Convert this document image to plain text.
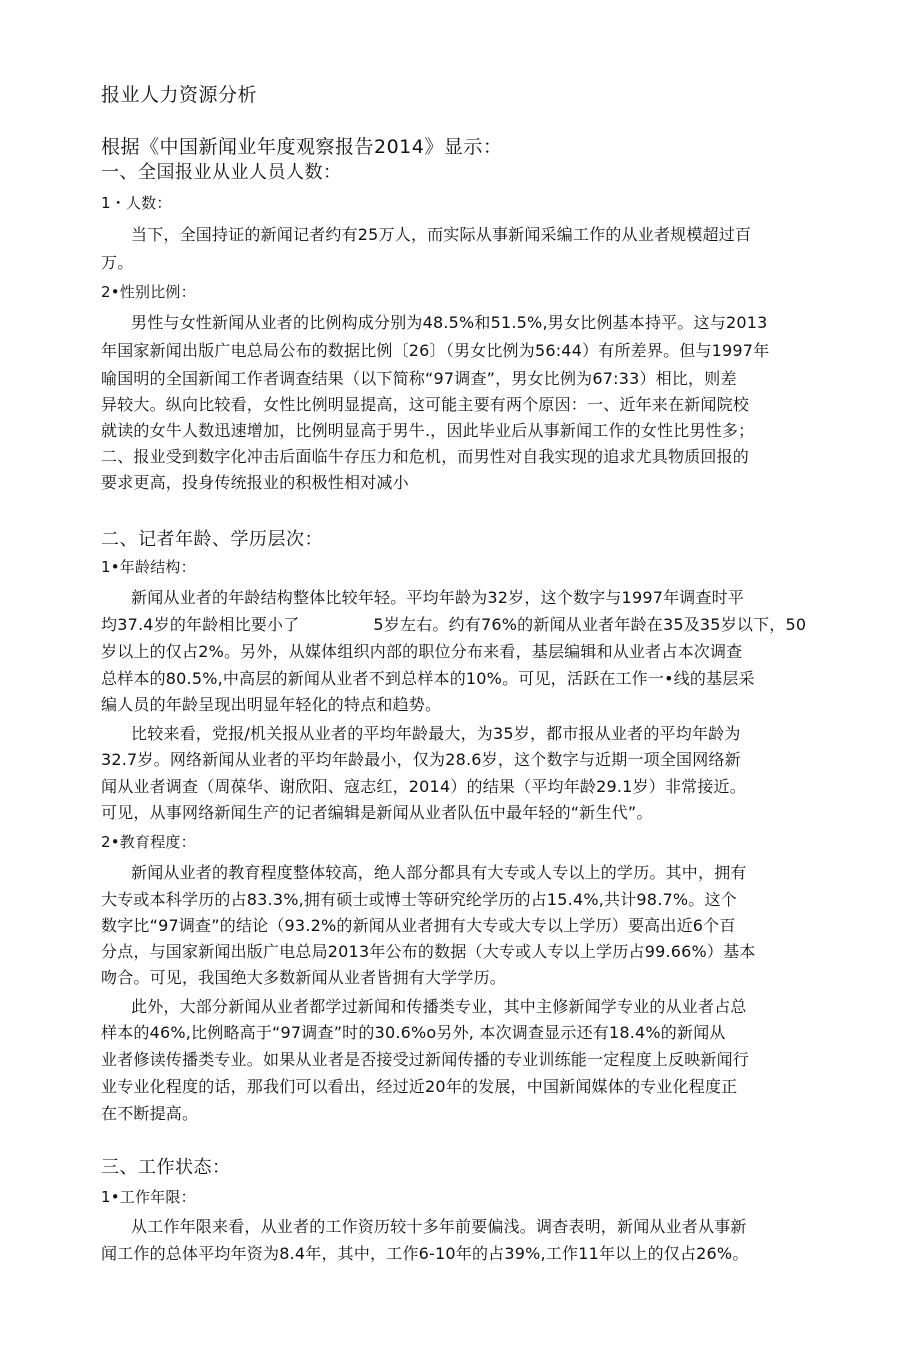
报业人力资源分析
根据《中国新闻业年度观察报告2014》显示：
一、全国报业从业人员人数：
1・人数：
当下，全国持证的新闻记者约有25万人，而实际从事新闻采编工作的从业者规模超过百
万。
2•性别比例：
男性与女性新闻从业者的比例构成分别为48.5%和51.5%,男女比例基本持平。这与2013
年国家新闻出版广电总局公布的数据比例〔26〕（男女比例为56:44）有所差界。但与1997年
喻国明的全国新闻工作者调查结果（以下简称“97调查”，男女比例为67:33）相比，则差
异较大。纵向比较看，女性比例明显提高，这可能主要有两个原因：一、近年来在新闻院校
就读的女牛人数迅速增加，比例明显高于男牛.，因此毕业后从事新闻工作的女性比男性多；
二、报业受到数字化冲击后面临牛存压力和危机，而男性对自我实现的追求尤具物质回报的
要求更高，投身传统报业的积极性相对减小
二、记者年龄、学历层次：
1•年龄结构：
新闻从业者的年龄结构整体比较年轻。平均年龄为32岁，这个数字与1997年调查时平
均37.4岁的年龄相比要小了              5岁左右。约有76%的新闻从业者年龄在35及35岁以下，50
岁以上的仅占2%。另外，从媒体组织内部的职位分布来看，基层编辑和从业者占本次调查
总样本的80.5%,中高层的新闻从业者不到总样本的10%。可见，活跃在工作一•线的基层采
编人员的年龄呈现出明显年轻化的特点和趋势。
比较来看，党报/机关报从业者的平均年龄最大，为35岁，都市报从业者的平均年龄为
32.7岁。网络新闻从业者的平均年龄最小，仅为28.6岁，这个数字与近期一项全国网络新
闻从业者调查（周葆华、谢欣阳、寇志红，2014）的结果（平均年龄29.1岁）非常接近。
可见，从事网络新闻生产的记者编辑是新闻从业者队伍中最年轻的“新生代”。
2•教育程度：
新闻从业者的教育程度整体较高，绝人部分都具有大专或人专以上的学历。其中，拥有
大专或本科学历的占83.3%,拥有硕士或博士等研究纶学历的占15.4%,共计98.7%。这个
数字比“97调查”的结论（93.2%的新闻从业者拥有大专或大专以上学历）要高出近6个百
分点，与国家新闻出版广电总局2013年公布的数据（大专或人专以上学历占99.66%）基本
吻合。可见，我国绝大多数新闻从业者皆拥有大学学历。
此外，大部分新闻从业者都学过新闻和传播类专业，其中主修新闻学专业的从业者占总
样本的46%,比例略高于“97调查”时的30.6%o另外, 本次调查显示还有18.4%的新闻从
业者修读传播类专业。如果从业者是否接受过新闻传播的专业训练能一定程度上反映新闻行
业专业化程度的话，那我们可以看出，经过近20年的发展，中国新闻媒体的专业化程度正
在不断提高。
三、工作状态：
1•工作年限：
从工作年限来看，从业者的工作资历较十多年前要偏浅。调杳表明，新闻从业者从事新
闻工作的总体平均年资为8.4年，其中，工作6-10年的占39%,工作11年以上的仅占26%。
